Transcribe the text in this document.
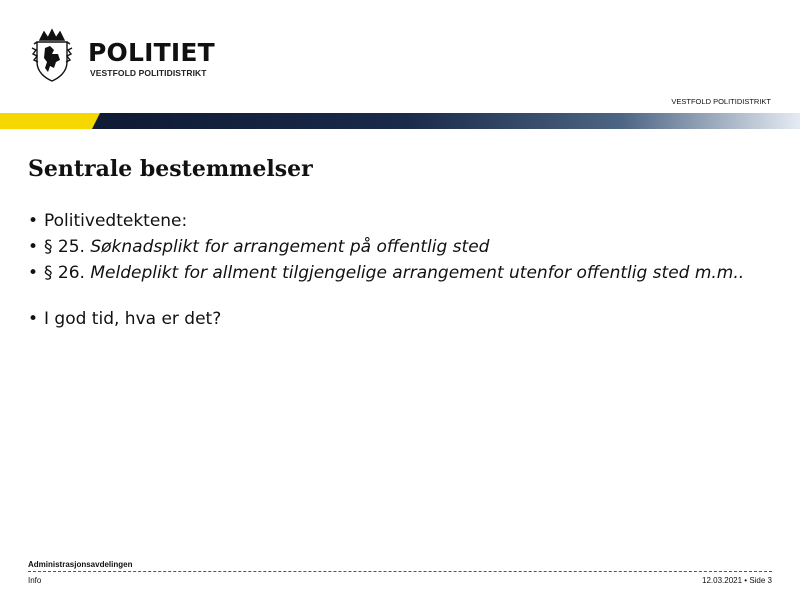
POLITIET
VESTFOLD POLITIDISTRIKT
VESTFOLD POLITIDISTRIKT
Sentrale bestemmelser
• Politivedtektene:
• § 25. Søknadsplikt for arrangement på offentlig sted
• § 26. Meldeplikt for allment tilgjengelige arrangement utenfor offentlig sted m.m..
• I god tid, hva er det?
Administrasjonsavdelingen
Info	12.03.2021 • Side 3
